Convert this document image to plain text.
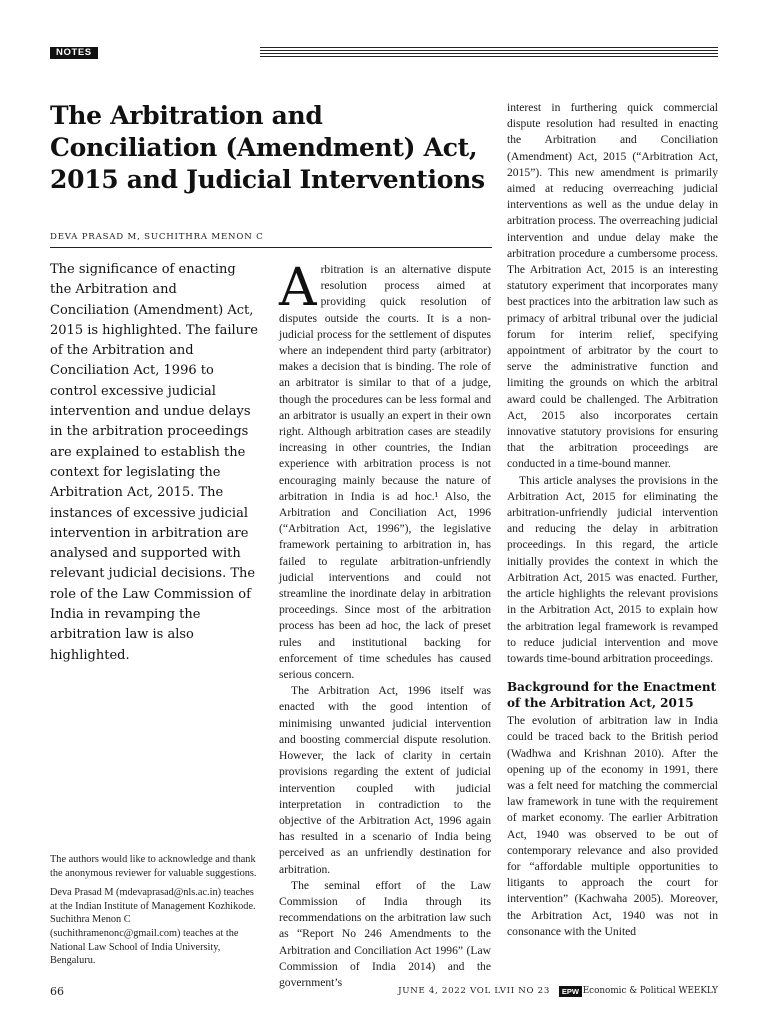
NOTES
The Arbitration and Conciliation (Amendment) Act, 2015 and Judicial Interventions
DEVA PRASAD M, SUCHITHRA MENON C

The significance of enacting the Arbitration and Conciliation (Amendment) Act, 2015 is highlighted. The failure of the Arbitration and Conciliation Act, 1996 to control excessive judicial intervention and undue delays in the arbitration proceedings are explained to establish the context for legislating the Arbitration Act, 2015. The instances of excessive judicial intervention in arbitration are analysed and supported with relevant judicial decisions. The role of the Law Commission of India in revamping the arbitration law is also highlighted.

The authors would like to acknowledge and thank the anonymous reviewer for valuable suggestions.

Deva Prasad M (mdevaprasad@nls.ac.in) teaches at the Indian Institute of Management Kozhikode. Suchithra Menon C (suchithramenonc@gmail.com) teaches at the National Law School of India University, Bengaluru.

Arbitration is an alternative dispute resolution process aimed at providing quick resolution of disputes outside the courts. It is a non-judicial process for the settlement of disputes where an independent third party (arbitrator) makes a decision that is binding. The role of an arbitrator is similar to that of a judge, though the procedures can be less formal and an arbitrator is usually an expert in their own right. Although arbitration cases are steadily increasing in other countries, the Indian experience with arbitration process is not encouraging mainly because the nature of arbitration in India is ad hoc.¹ Also, the Arbitration and Conciliation Act, 1996 (“Arbitration Act, 1996”), the legislative framework pertaining to arbitration in, has failed to regulate arbitration-unfriendly judicial interventions and could not streamline the inordinate delay in arbitration proceedings. Since most of the arbitration process has been ad hoc, the lack of preset rules and institutional backing for enforcement of time schedules has caused serious concern.

The Arbitration Act, 1996 itself was enacted with the good intention of minimising unwanted judicial intervention and boosting commercial dispute resolution. However, the lack of clarity in certain provisions regarding the extent of judicial intervention coupled with judicial interpretation in contradiction to the objective of the Arbitration Act, 1996 again has resulted in a scenario of India being perceived as an unfriendly destination for arbitration.

The seminal effort of the Law Commission of India through its recommendations on the arbitration law such as “Report No 246 Amendments to the Arbitration and Conciliation Act 1996” (Law Commission of India 2014) and the government’s

interest in furthering quick commercial dispute resolution had resulted in enacting the Arbitration and Conciliation (Amendment) Act, 2015 (“Arbitration Act, 2015”). This new amendment is primarily aimed at reducing overreaching judicial interventions as well as the undue delay in arbitration process. The overreaching judicial intervention and undue delay make the arbitration procedure a cumbersome process. The Arbitration Act, 2015 is an interesting statutory experiment that incorporates many best practices into the arbitration law such as primacy of arbitral tribunal over the judicial forum for interim relief, specifying appointment of arbitrator by the court to serve the administrative function and limiting the grounds on which the arbitral award could be challenged. The Arbitration Act, 2015 also incorporates certain innovative statutory provisions for ensuring that the arbitration proceedings are conducted in a time-bound manner.

This article analyses the provisions in the Arbitration Act, 2015 for eliminating the arbitration-unfriendly judicial intervention and reducing the delay in arbitration proceedings. In this regard, the article initially provides the context in which the Arbitration Act, 2015 was enacted. Further, the article highlights the relevant provisions in the Arbitration Act, 2015 to explain how the arbitration legal framework is revamped to reduce judicial intervention and move towards time-bound arbitration proceedings.

Background for the Enactment of the Arbitration Act, 2015

The evolution of arbitration law in India could be traced back to the British period (Wadhwa and Krishnan 2010). After the opening up of the economy in 1991, there was a felt need for matching the commercial law framework in tune with the requirement of market economy. The earlier Arbitration Act, 1940 was observed to be out of contemporary relevance and also provided for “affordable multiple opportunities to litigants to approach the court for intervention” (Kachwaha 2005). Moreover, the Arbitration Act, 1940 was not in consonance with the United

66	JUNE 4, 2022 VOL LVII NO 23	EPW Economic & Political WEEKLY
